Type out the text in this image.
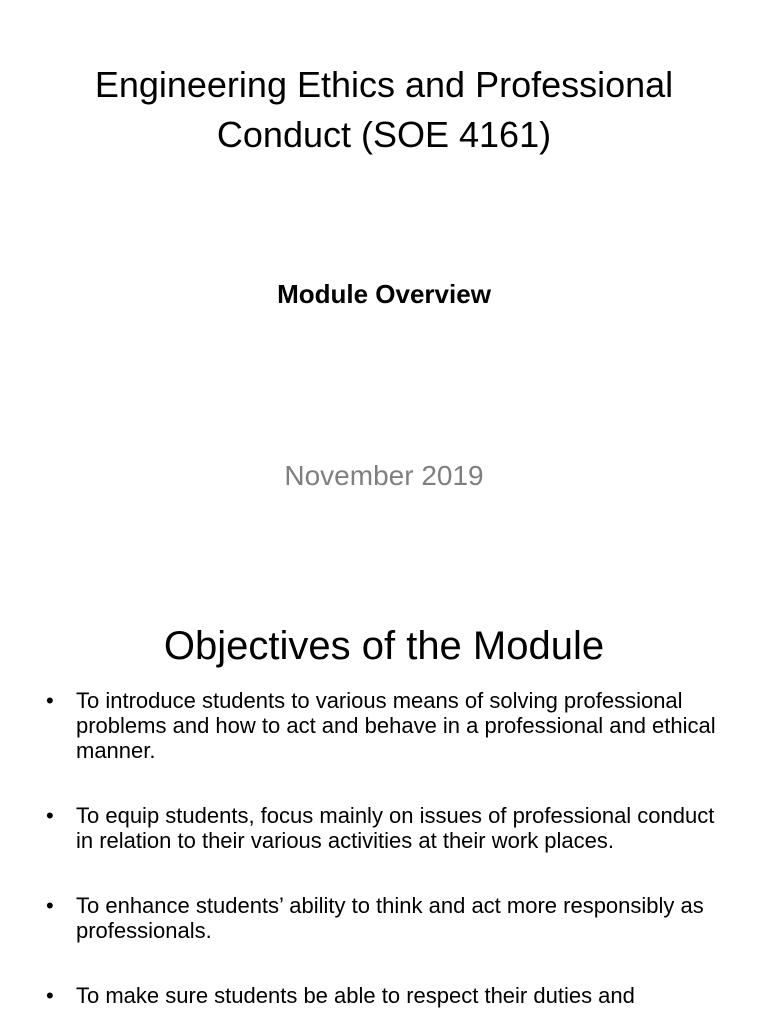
Engineering Ethics and Professional Conduct (SOE 4161)
Module Overview

November 2019

Objectives of the Module
•	To introduce students to various means of solving professional problems and how to act and behave in a professional and ethical manner.
•	To equip students, focus mainly on issues of professional conduct in relation to their various activities at their work places.
•	To enhance students’ ability to think and act more responsibly as professionals.
•	To make sure students be able to respect their duties and
